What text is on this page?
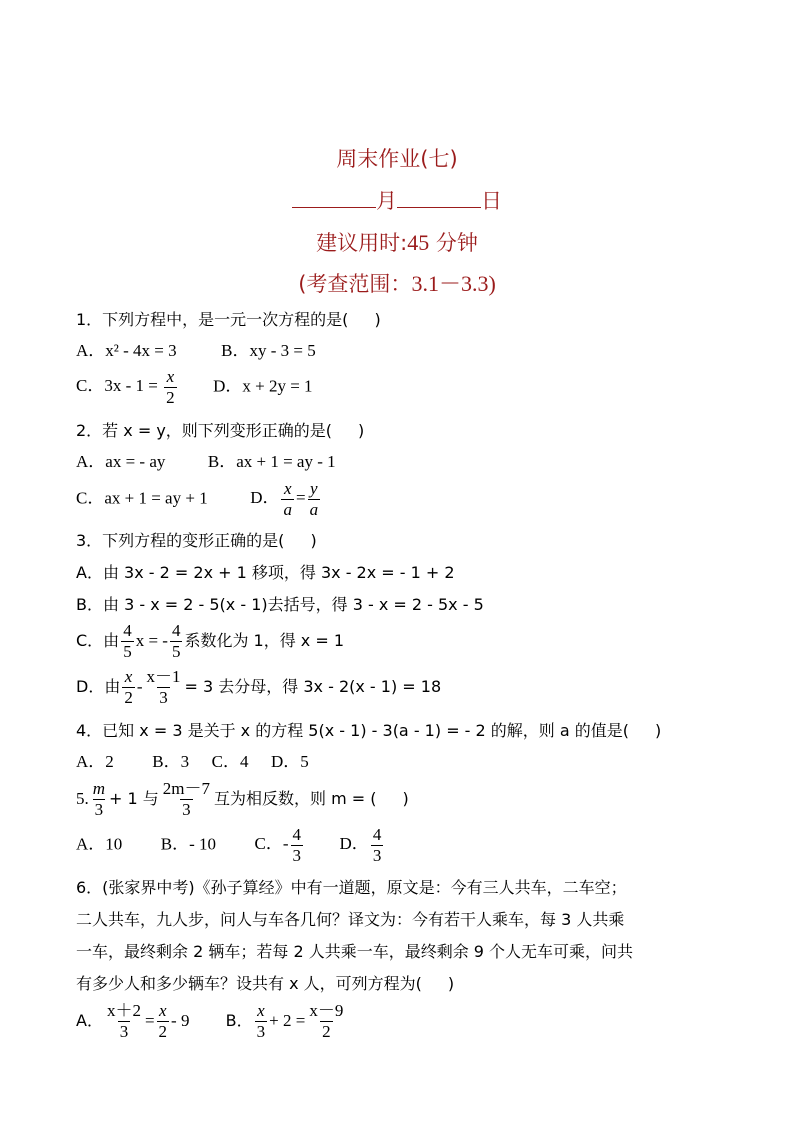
周末作业(七)
月	日
建议用时:45 分钟
(考查范围：3.1－3.3)
1．下列方程中，是一元一次方程的是( )
A．x² - 4x = 3	B．xy - 3 = 5
C．$3x - 1 = \frac{x}{2}$ D．x + 2y = 1
2．若 x = y，则下列变形正确的是( )
A．ax = - ay	B．ax + 1 = ay - 1
C．ax + 1 = ay + 1	D． $\frac{x}{a} = \frac{y}{a}$
3．下列方程的变形正确的是( )
A．由 3x - 2 = 2x + 1 移项，得 3x - 2x = - 1 + 2
B．由 3 - x = 2 - 5(x - 1)去括号，得 3 - x = 2 - 5x - 5
C．由 $\frac{4}{5}$ x = - $\frac{4}{5}$ 系数化为 1，得 x = 1
D．由 $\frac{x}{2} - \frac{x-1}{3} = 3$ 去分母，得 3x - 2(x - 1) = 18
4．已知 x = 3 是关于 x 的方程 5(x - 1) - 3(a - 1) = - 2 的解，则 a 的值是( )
A．2 B．3 C．4 D．5
5. $\frac{m}{3} + 1$ 与 $\frac{2m-7}{3}$ 互为相反数，则 m = ( )
A．10 B．- 10 C．- $\frac{4}{3}$ D． $\frac{4}{3}$
6．(张家界中考)《孙子算经》中有一道题，原文是：今有三人共车，二车空；
二人共车，九人步，问人与车各几何？译文为：今有若干人乘车，每 3 人共乘
一车，最终剩余 2 辆车；若每 2 人共乘一车，最终剩余 9 个人无车可乘，问共
有多少人和多少辆车？设共有 x 人，可列方程为( )
A． $\frac{x+2}{3} = \frac{x}{2} - 9$ B． $\frac{x}{3} + 2 = \frac{x-9}{2}$
